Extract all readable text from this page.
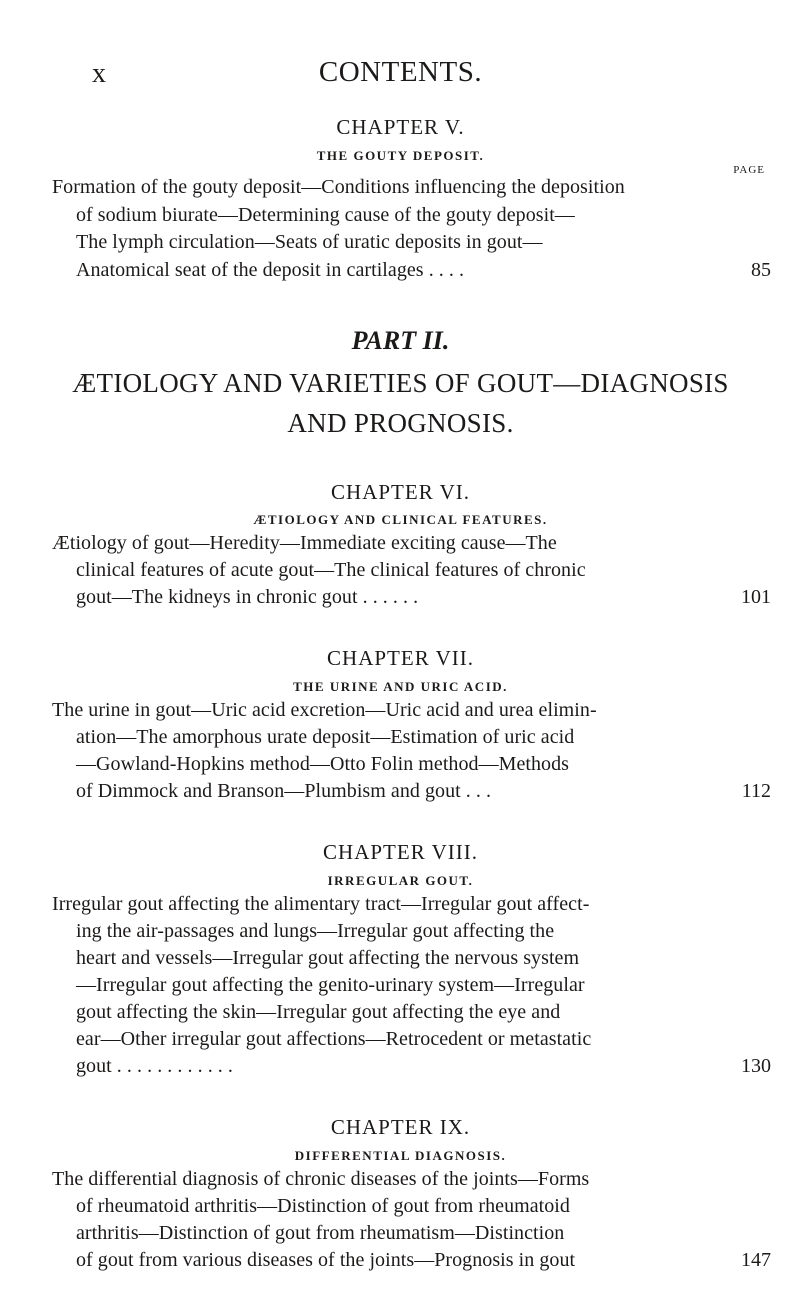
x	CONTENTS.
CHAPTER V.
THE GOUTY DEPOSIT.
PAGE
Formation of the gouty deposit—Conditions influencing the deposition
of sodium biurate—Determining cause of the gouty deposit—
The lymph circulation—Seats of uratic deposits in gout—
Anatomical seat of the deposit in cartilages . . . .	85
PART II.
ÆTIOLOGY AND VARIETIES OF GOUT—DIAGNOSIS
AND PROGNOSIS.
CHAPTER VI.
ÆTIOLOGY AND CLINICAL FEATURES.
Ætiology of gout—Heredity—Immediate exciting cause—The
clinical features of acute gout—The clinical features of chronic
gout—The kidneys in chronic gout . . . . . .	101
CHAPTER VII.
THE URINE AND URIC ACID.
The urine in gout—Uric acid excretion—Uric acid and urea elimin-
ation—The amorphous urate deposit—Estimation of uric acid
—Gowland-Hopkins method—Otto Folin method—Methods
of Dimmock and Branson—Plumbism and gout . . .	112
CHAPTER VIII.
IRREGULAR GOUT.
Irregular gout affecting the alimentary tract—Irregular gout affect-
ing the air-passages and lungs—Irregular gout affecting the
heart and vessels—Irregular gout affecting the nervous system
—Irregular gout affecting the genito-urinary system—Irregular
gout affecting the skin—Irregular gout affecting the eye and
ear—Other irregular gout affections—Retrocedent or metastatic
gout . . . . . . . . . . . .	130
CHAPTER IX.
DIFFERENTIAL DIAGNOSIS.
The differential diagnosis of chronic diseases of the joints—Forms
of rheumatoid arthritis—Distinction of gout from rheumatoid
arthritis—Distinction of gout from rheumatism—Distinction
of gout from various diseases of the joints—Prognosis in gout	147
